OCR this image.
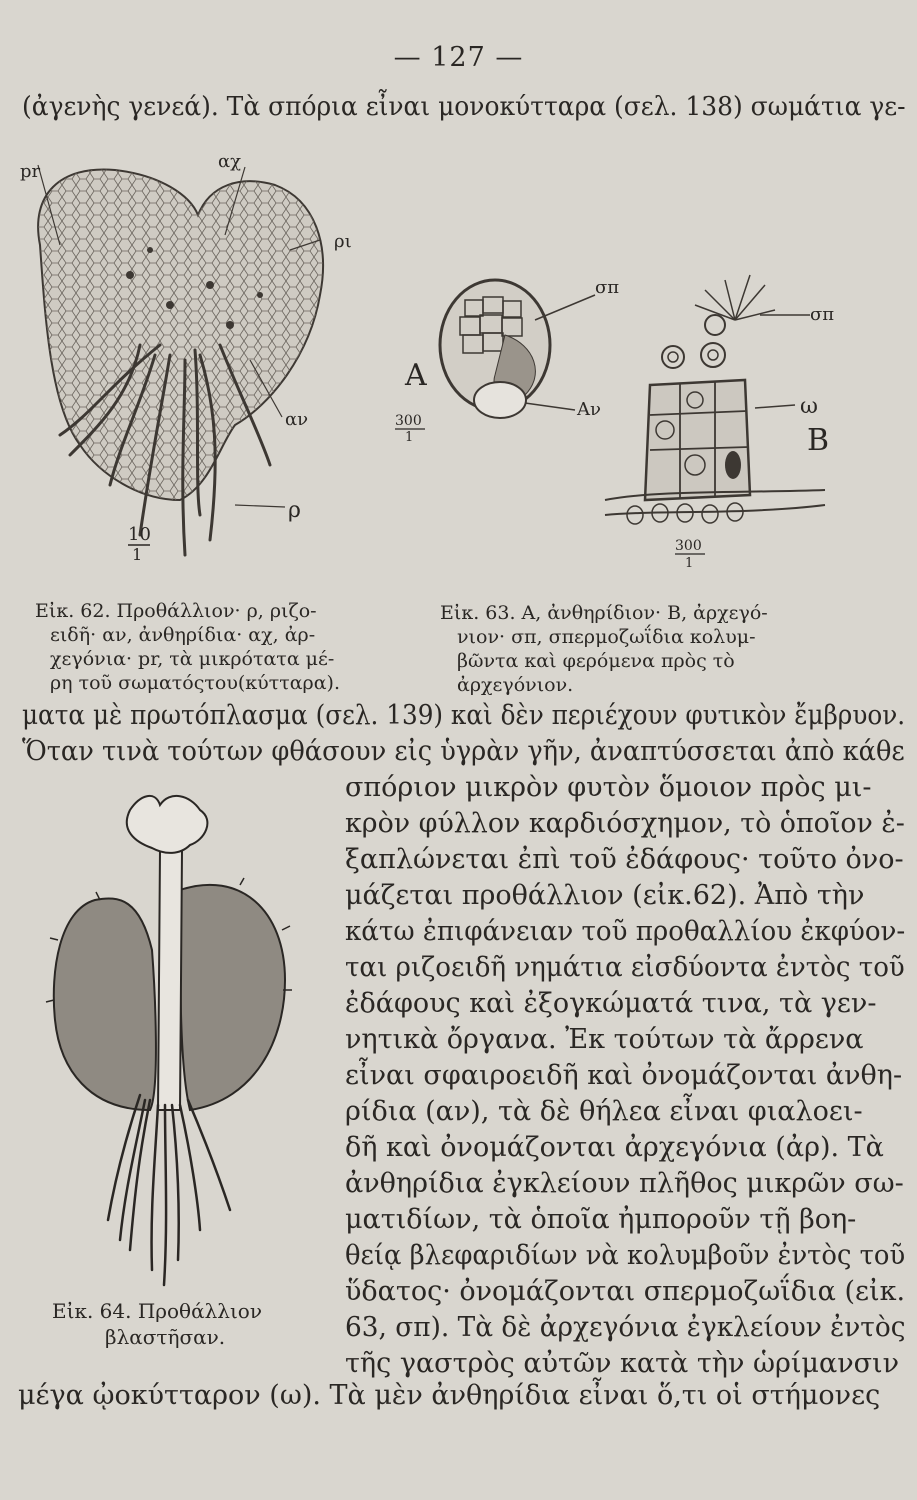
— 127 —
(ἀγενὴς γενεά). Τὰ σπόρια εἶναι μονοκύτταρα (σελ. 138) σωμάτια γε-
pr	αχ
ρι
αν
ρ
10
1
A
300
1
σπ
Αν
σπ
ω
B
300
1
Εἰκ. 62. Προθάλλιον· ρ, ριζο-
ειδῆ· αν, ἀνθηρίδια· αχ, ἀρ-
χεγόνια· pr, τὰ μικρότατα μέ-
ρη τοῦ σωματόςτου(κύτταρα).
Εἰκ. 63. Α, ἀνθηρίδιον· Β, ἀρχεγό-
νιον· σπ, σπερμοζωΐδια κολυμ-
βῶντα καὶ φερόμενα πρὸς τὸ
ἀρχεγόνιον.
ματα μὲ πρωτόπλασμα (σελ. 139) καὶ δὲν περιέχουν φυτικὸν ἔμβρυον.
Ὅταν τινὰ τούτων φθάσουν εἰς ὑγρὰν γῆν, ἀναπτύσσεται ἀπὸ κάθε
σπόριον μικρὸν φυτὸν ὅμοιον πρὸς μι-
κρὸν φύλλον καρδιόσχημον, τὸ ὁποῖον ἐ-
ξαπλώνεται ἐπὶ τοῦ ἐδάφους· τοῦτο ὀνο-
μάζεται προθάλλιον (εἰκ.62). Ἀπὸ τὴν
κάτω ἐπιφάνειαν τοῦ προθαλλίου ἐκφύον-
ται ριζοειδῆ νημάτια εἰσδύοντα ἐντὸς τοῦ
ἐδάφους καὶ ἐξογκώματά τινα, τὰ γεν-
νητικὰ ὄργανα. Ἐκ τούτων τὰ ἄρρενα
εἶναι σφαιροειδῆ καὶ ὀνομάζονται ἀνθη-
ρίδια (αν), τὰ δὲ θήλεα εἶναι φιαλοει-
δῆ καὶ ὀνομάζονται ἀρχεγόνια (ἀρ). Τὰ
ἀνθηρίδια ἐγκλείουν πλῆθος μικρῶν σω-
ματιδίων, τὰ ὁποῖα ἠμποροῦν τῇ βοη-
θείᾳ βλεφαριδίων νὰ κολυμβοῦν ἐντὸς τοῦ
ὕδατος· ὀνομάζονται σπερμοζωΐδια (εἰκ.
63, σπ). Τὰ δὲ ἀρχεγόνια ἐγκλείουν ἐντὸς
τῆς γαστρὸς αὐτῶν κατὰ τὴν ὡρίμανσιν
Εἰκ. 64. Προθάλλιον
βλαστῆσαν.
μέγα ᾠοκύτταρον (ω). Τὰ μὲν ἀνθηρίδια εἶναι ὅ,τι οἱ στήμονες
